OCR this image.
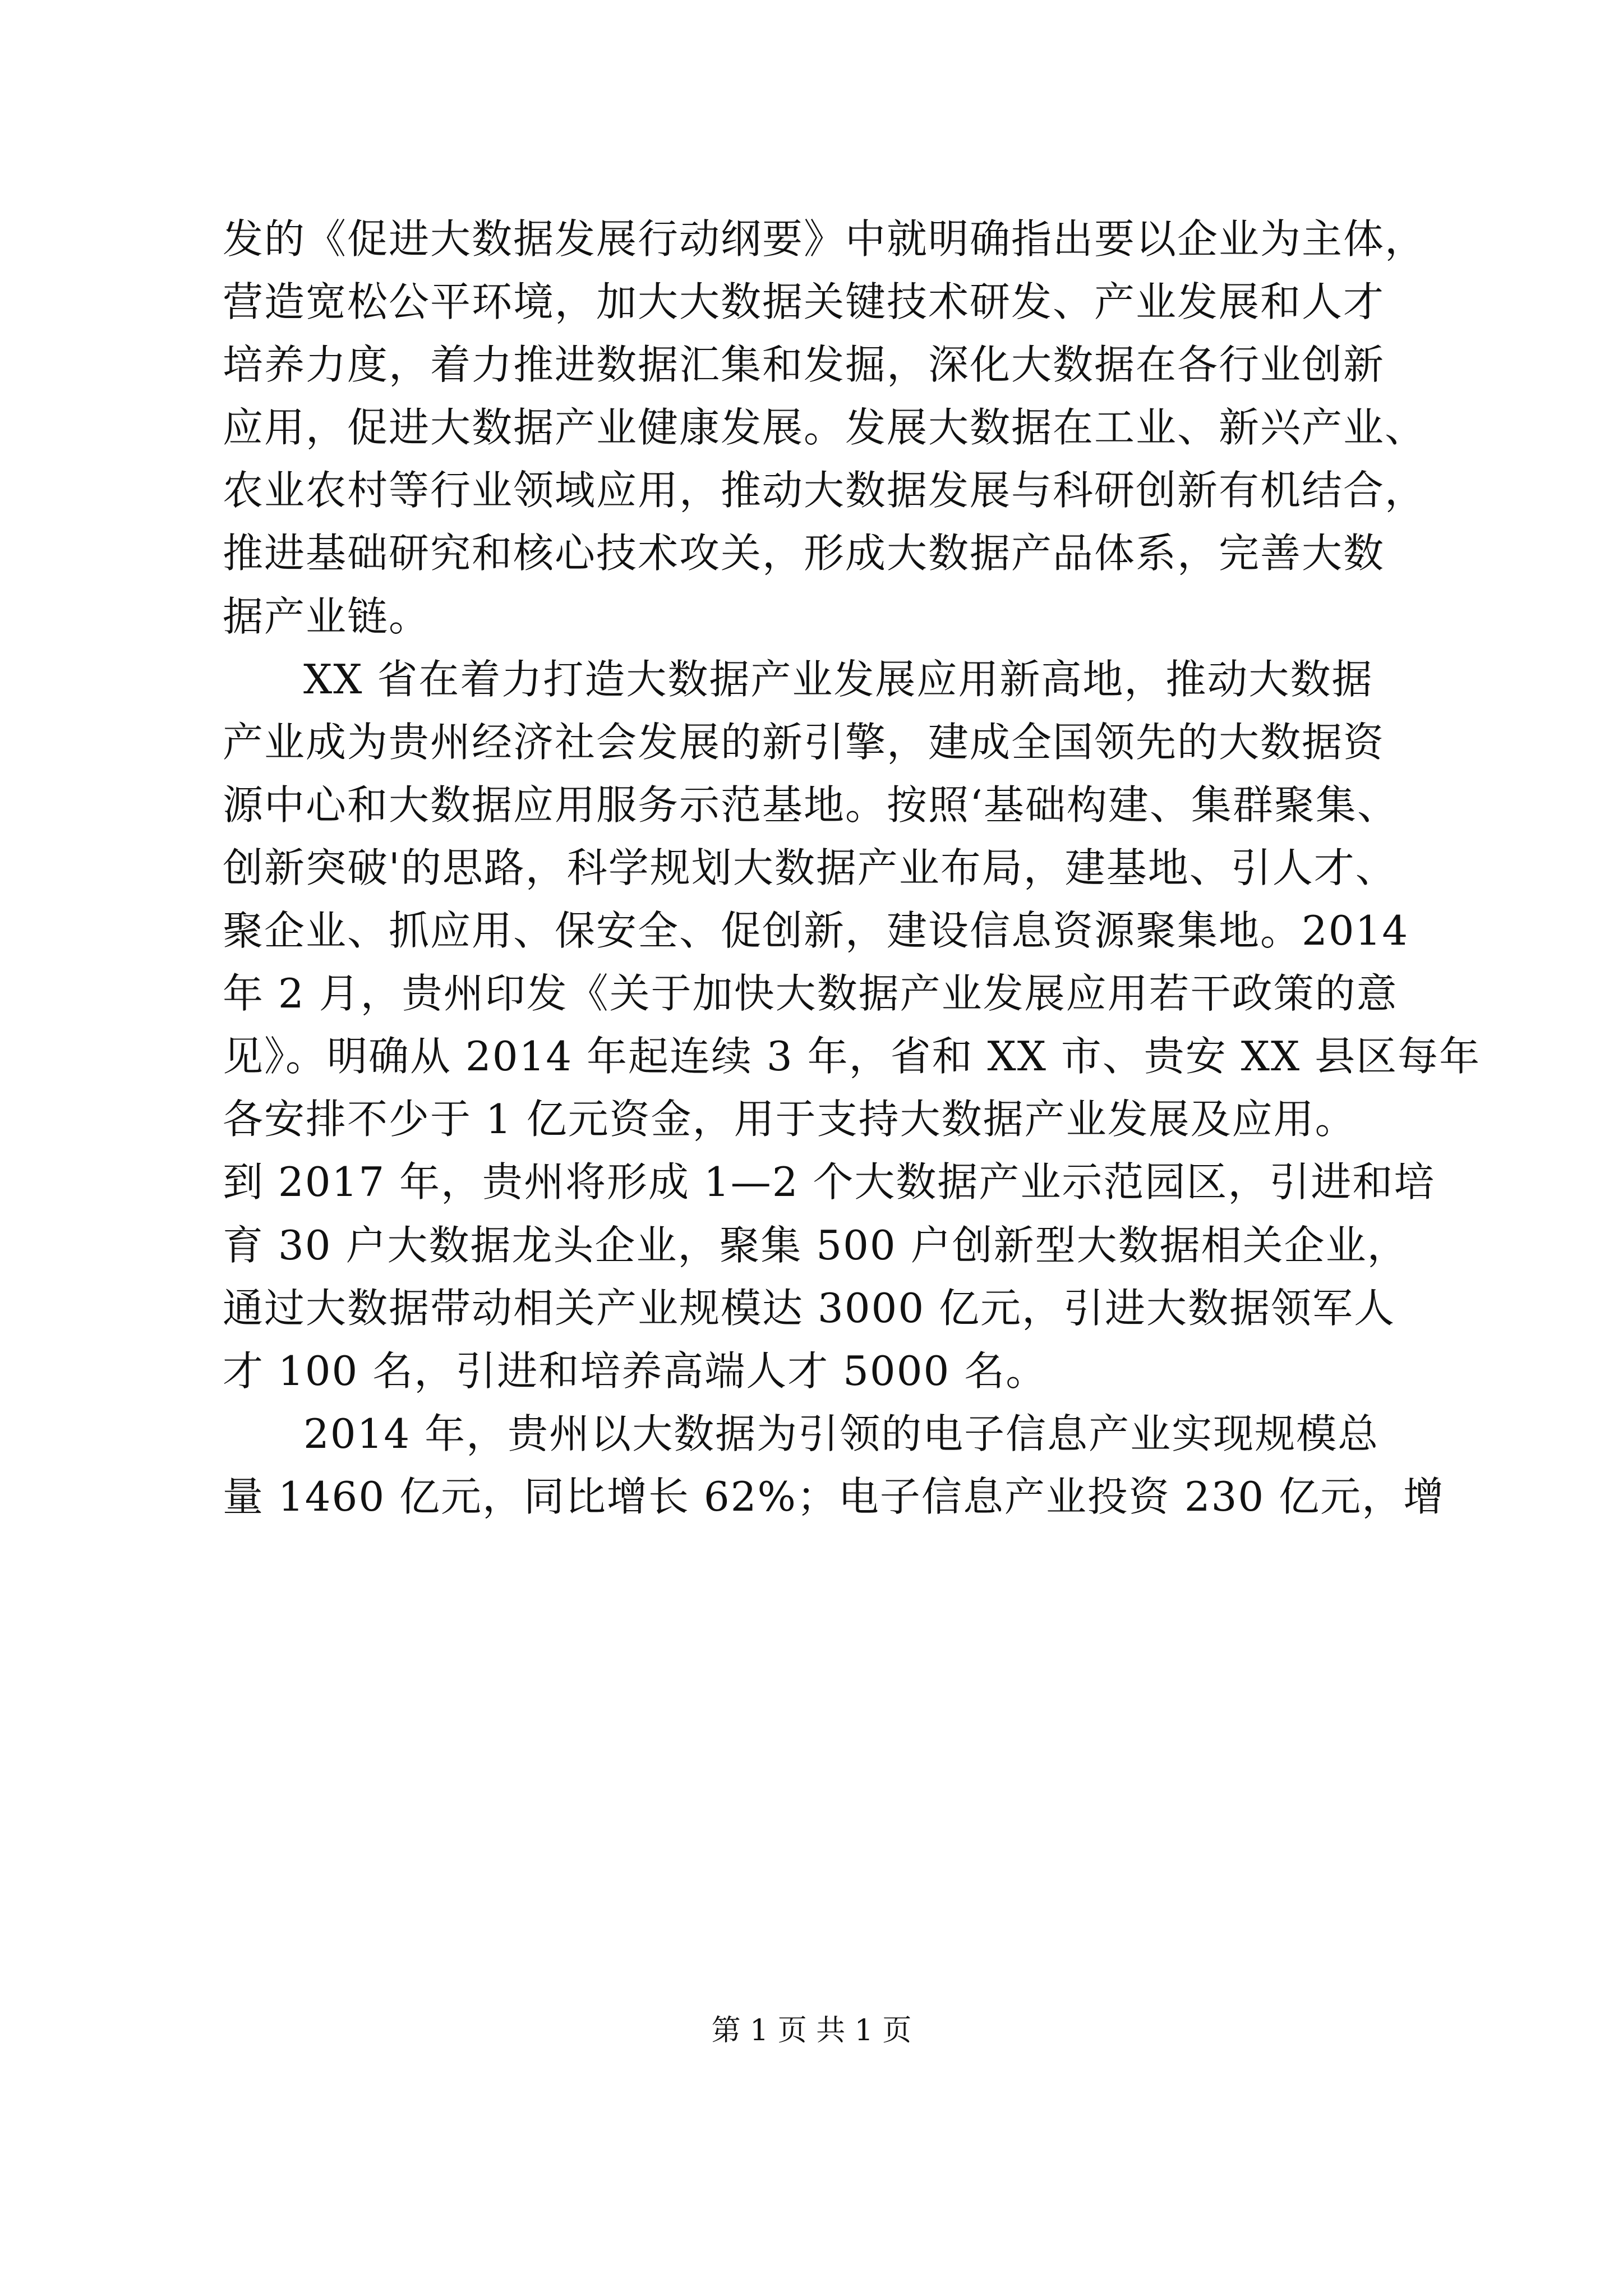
发的《促进大数据发展行动纲要》中就明确指出要以企业为主体，
营造宽松公平环境，加大大数据关键技术研发、产业发展和人才
培养力度，着力推进数据汇集和发掘，深化大数据在各行业创新
应用，促进大数据产业健康发展。发展大数据在工业、新兴产业、
农业农村等行业领域应用，推动大数据发展与科研创新有机结合，
推进基础研究和核心技术攻关，形成大数据产品体系，完善大数
据产业链。
XX 省在着力打造大数据产业发展应用新高地，推动大数据
产业成为贵州经济社会发展的新引擎，建成全国领先的大数据资
源中心和大数据应用服务示范基地。按照‘基础构建、集群聚集、
创新突破'的思路，科学规划大数据产业布局，建基地、引人才、
聚企业、抓应用、保安全、促创新，建设信息资源聚集地。2014
年 2 月，贵州印发《关于加快大数据产业发展应用若干政策的意
见》。明确从 2014 年起连续 3 年，省和 XX 市、贵安 XX 县区每年
各安排不少于 1 亿元资金，用于支持大数据产业发展及应用。
到 2017 年，贵州将形成 1—2 个大数据产业示范园区，引进和培
育 30 户大数据龙头企业，聚集 500 户创新型大数据相关企业，
通过大数据带动相关产业规模达 3000 亿元，引进大数据领军人
才 100 名，引进和培养高端人才 5000 名。
2014 年，贵州以大数据为引领的电子信息产业实现规模总
量 1460 亿元，同比增长 62%；电子信息产业投资 230 亿元，增
第 1 页 共 1 页
